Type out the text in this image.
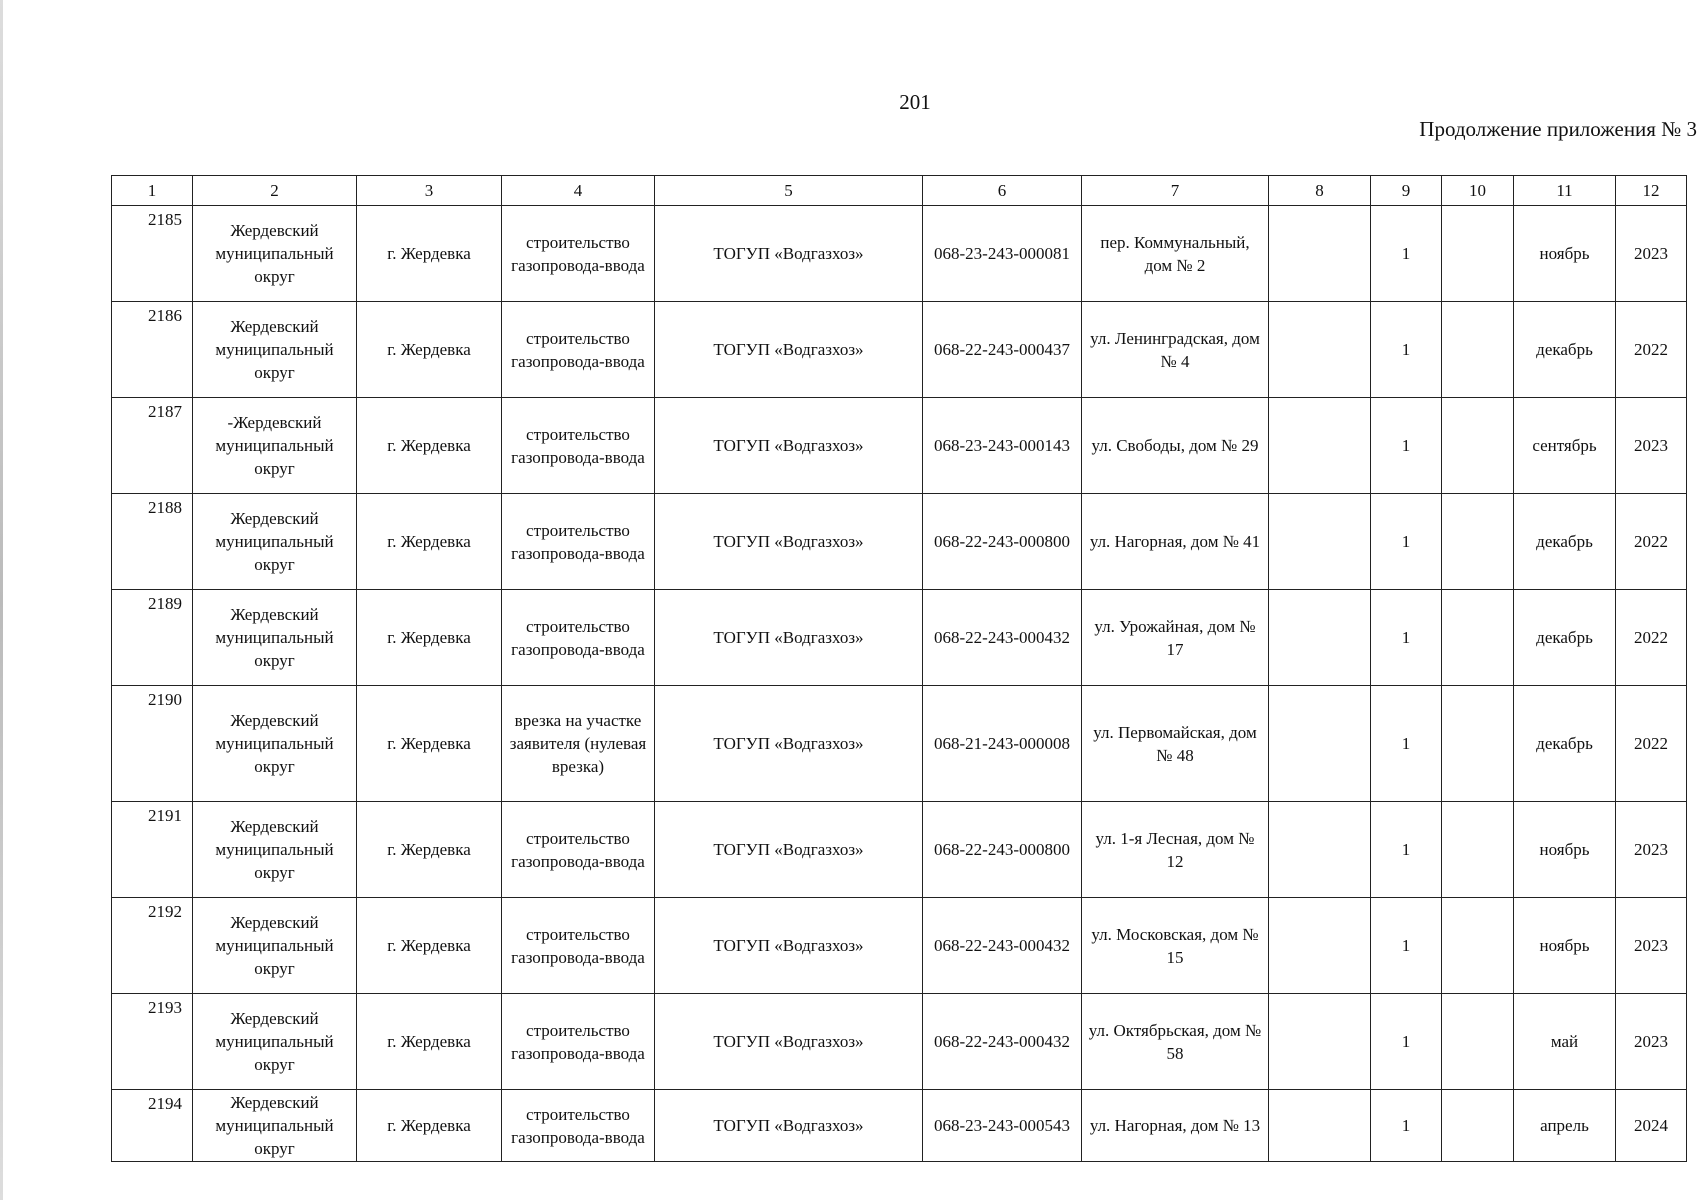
201
Продолжение приложения № 3
1	2	3	4	5	6	7	8	9	10	11	12
2185	Жердевский муниципальный округ	г. Жердевка	строительство газопровода-ввода	ТОГУП «Водгазхоз»	068-23-243-000081	пер. Коммунальный, дом № 2		1		ноябрь	2023
2186	Жердевский муниципальный округ	г. Жердевка	строительство газопровода-ввода	ТОГУП «Водгазхоз»	068-22-243-000437	ул. Ленинградская, дом № 4		1		декабрь	2022
2187	-Жердевский муниципальный округ	г. Жердевка	строительство газопровода-ввода	ТОГУП «Водгазхоз»	068-23-243-000143	ул. Свободы, дом № 29		1		сентябрь	2023
2188	Жердевский муниципальный округ	г. Жердевка	строительство газопровода-ввода	ТОГУП «Водгазхоз»	068-22-243-000800	ул. Нагорная, дом № 41		1		декабрь	2022
2189	Жердевский муниципальный округ	г. Жердевка	строительство газопровода-ввода	ТОГУП «Водгазхоз»	068-22-243-000432	ул. Урожайная, дом № 17		1		декабрь	2022
2190	Жердевский муниципальный округ	г. Жердевка	врезка на участке заявителя (нулевая врезка)	ТОГУП «Водгазхоз»	068-21-243-000008	ул. Первомайская, дом № 48		1		декабрь	2022
2191	Жердевский муниципальный округ	г. Жердевка	строительство газопровода-ввода	ТОГУП «Водгазхоз»	068-22-243-000800	ул. 1-я Лесная, дом № 12		1		ноябрь	2023
2192	Жердевский муниципальный округ	г. Жердевка	строительство газопровода-ввода	ТОГУП «Водгазхоз»	068-22-243-000432	ул. Московская, дом № 15		1		ноябрь	2023
2193	Жердевский муниципальный округ	г. Жердевка	строительство газопровода-ввода	ТОГУП «Водгазхоз»	068-22-243-000432	ул. Октябрьская, дом № 58		1		май	2023
2194	Жердевский муниципальный округ	г. Жердевка	строительство газопровода-ввода	ТОГУП «Водгазхоз»	068-23-243-000543	ул. Нагорная, дом № 13		1		апрель	2024
